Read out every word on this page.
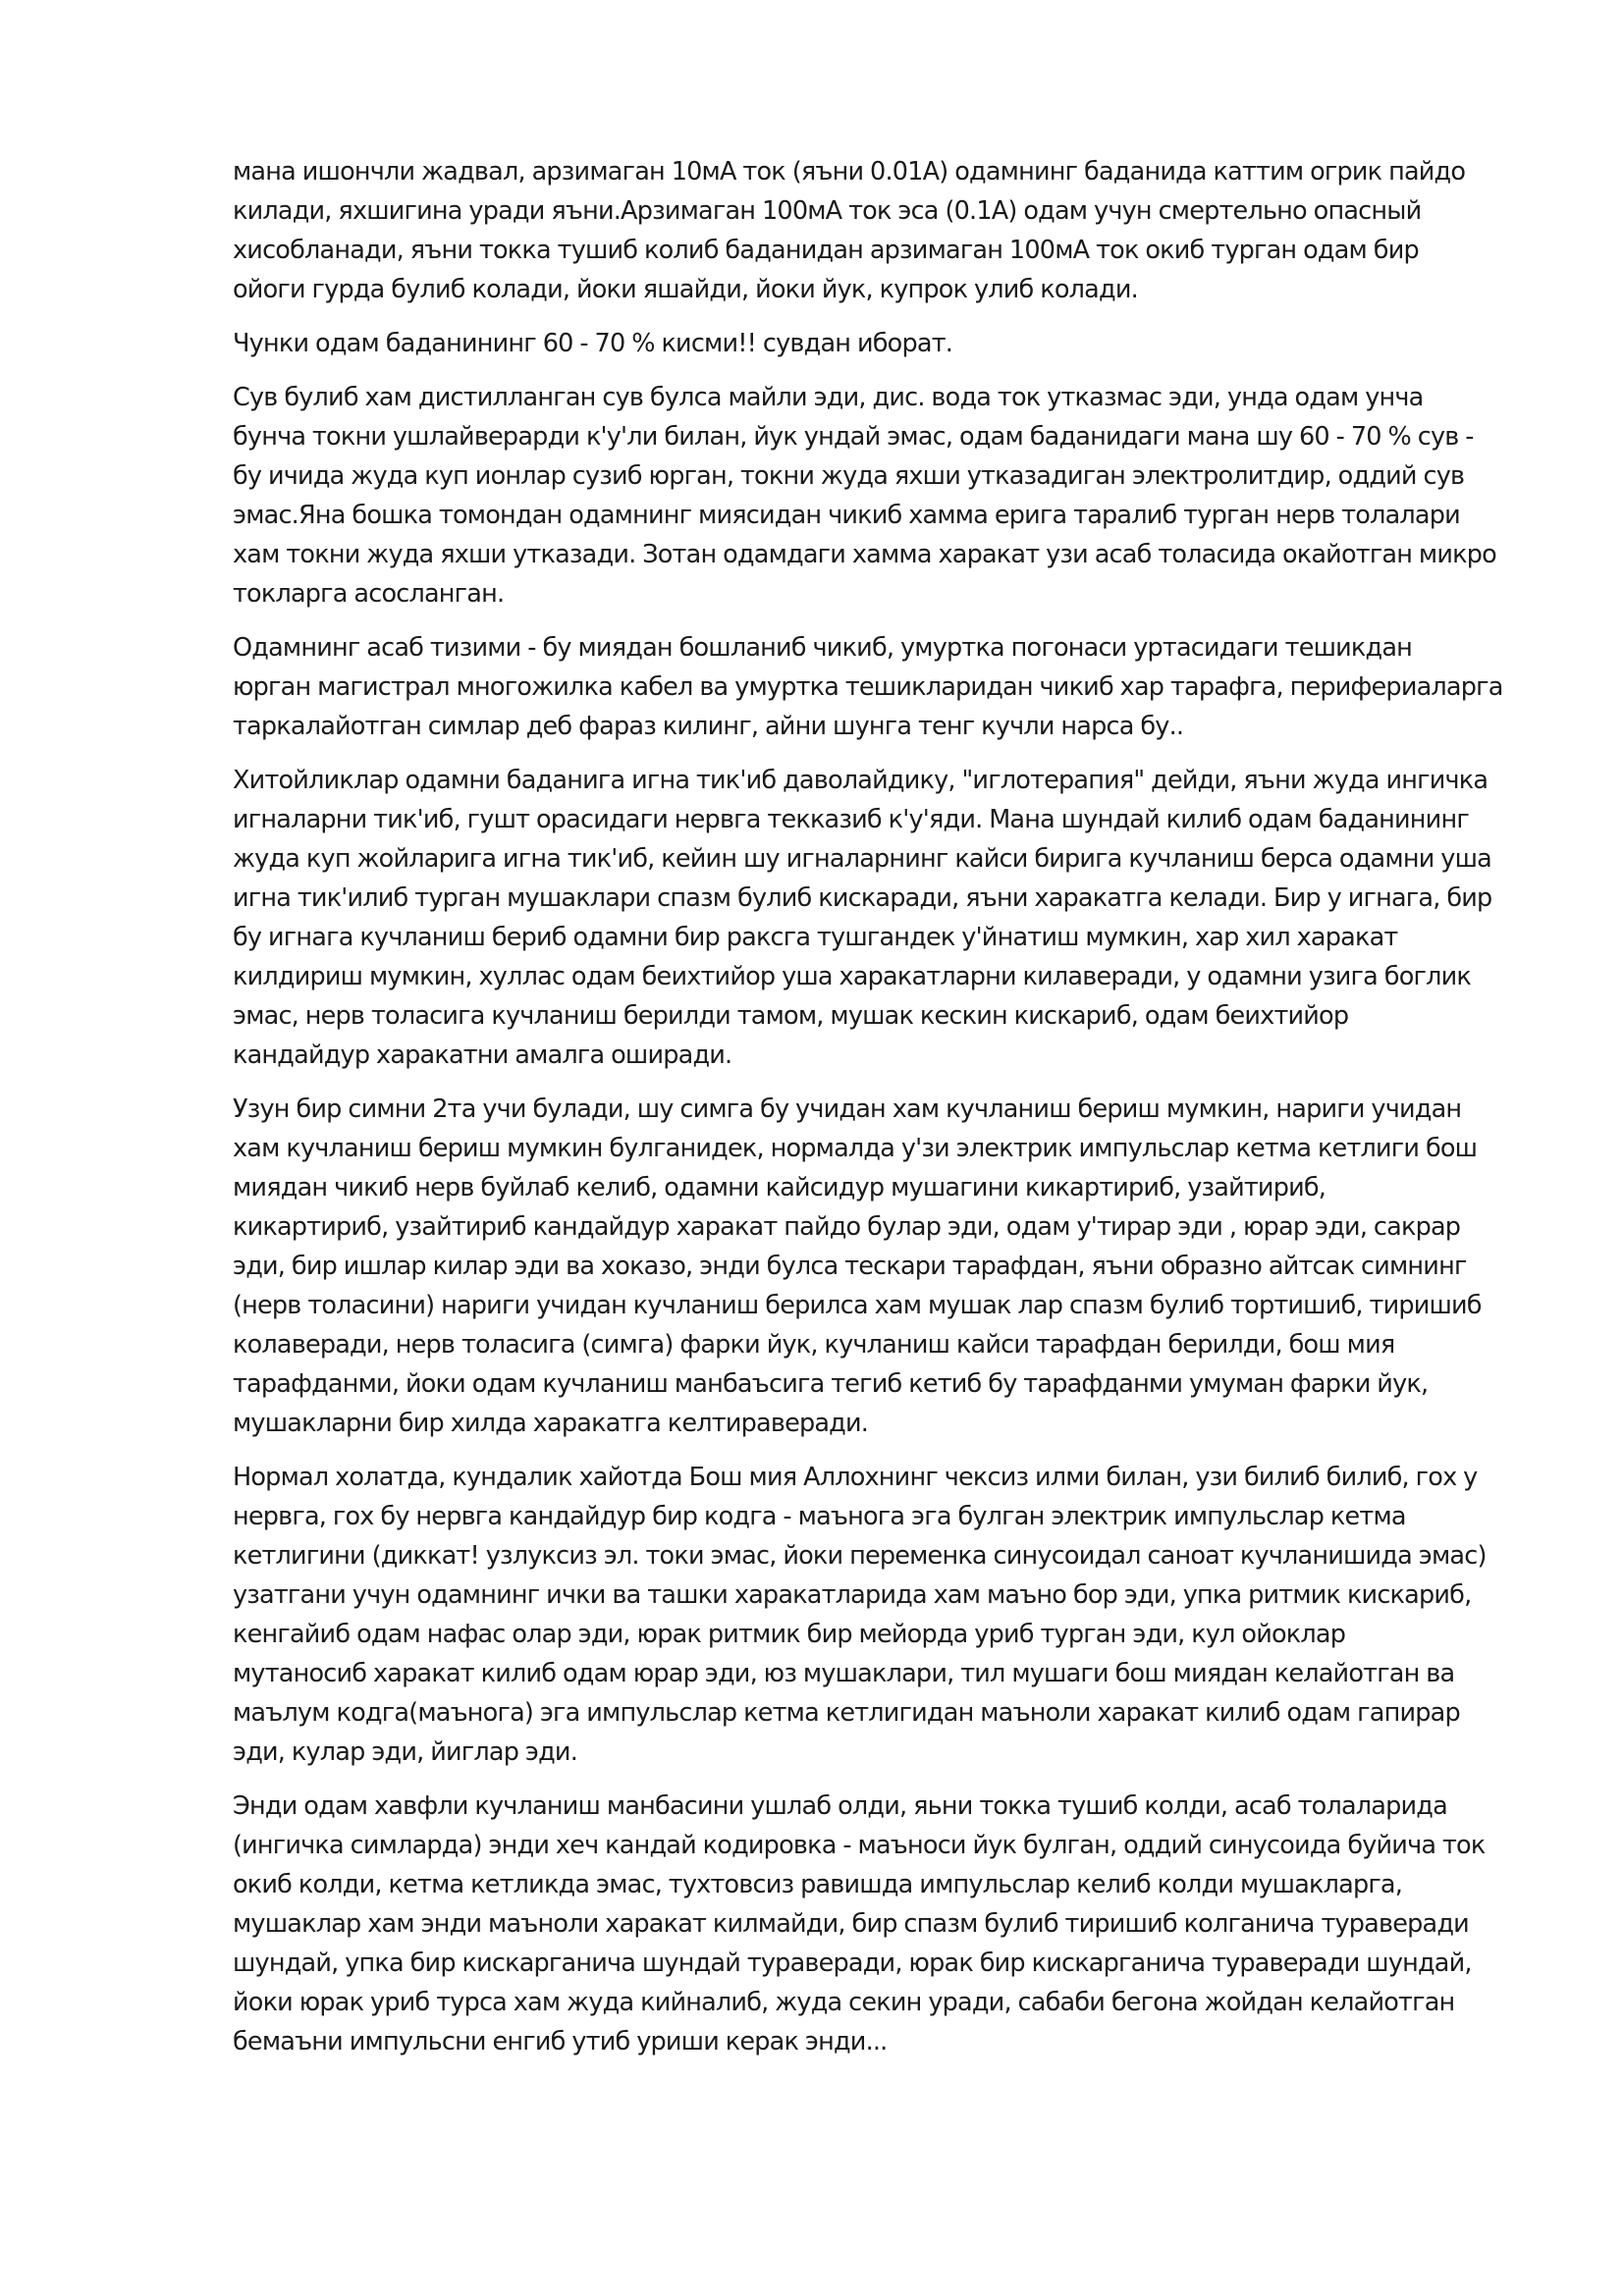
мана ишончли жадвал, арзимаган 10мА ток (яъни 0.01А) одамнинг баданида каттим огрик пайдо
килади, яхшигина уради яъни.Арзимаган 100мА ток эса (0.1А) одам учун смертельно опасный
хисобланади, яъни токка тушиб колиб баданидан арзимаган 100мА ток окиб турган одам бир
ойоги гурда булиб колади, йоки яшайди, йоки йук, купрок улиб колади.

Чунки одам баданининг 60 - 70 % кисми!! сувдан иборат.

Сув булиб хам дистилланган сув булса майли эди, дис. вода ток утказмас эди, унда одам унча
бунча токни ушлайверарди к'у'ли билан, йук ундай эмас, одам баданидаги мана шу 60 - 70 % сув -
бу ичида жуда куп ионлар сузиб юрган, токни жуда яхши утказадиган электролитдир, оддий сув
эмас.Яна бошка томондан одамнинг миясидан чикиб хамма ерига таралиб турган нерв толалари
хам токни жуда яхши утказади. Зотан одамдаги хамма харакат узи асаб толасида окайотган микро
токларга асосланган.

Одамнинг асаб тизими - бу миядан бошланиб чикиб, умуртка погонаси уртасидаги тешикдан
юрган магистрал многожилка кабел ва умуртка тешикларидан чикиб хар тарафга, перифериаларга
таркалайотган симлар деб фараз килинг, айни шунга тенг кучли нарса бу..

Хитойликлар одамни баданига игна тик'иб даволайдику, "иглотерапия" дейди, яъни жуда ингичка
игналарни тик'иб, гушт орасидаги нервга текказиб к'у'яди. Мана шундай килиб одам баданининг
жуда куп жойларига игна тик'иб, кейин шу игналарнинг кайси бирига кучланиш берса одамни уша
игна тик'илиб турган мушаклари спазм булиб кискаради, яъни харакатга келади. Бир у игнага, бир
бу игнага кучланиш бериб одамни бир раксга тушгандек у'йнатиш мумкин, хар хил харакат
килдириш мумкин, хуллас одам беихтийор уша харакатларни килаверади, у одамни узига боглик
эмас, нерв толасига кучланиш берилди тамом, мушак кескин кискариб, одам беихтийор
кандайдур харакатни амалга оширади.

Узун бир симни 2та учи булади, шу симга бу учидан хам кучланиш бериш мумкин, нариги учидан
хам кучланиш бериш мумкин булганидек, нормалда у'зи электрик импульслар кетма кетлиги бош
миядан чикиб нерв буйлаб келиб, одамни кайсидур мушагини кикартириб, узайтириб,
кикартириб, узайтириб кандайдур харакат пайдо булар эди, одам у'тирар эди , юрар эди, сакрар
эди, бир ишлар килар эди ва хоказо, энди булса тескари тарафдан, яъни образно айтсак симнинг
(нерв толасини) нариги учидан кучланиш берилса хам мушак лар спазм булиб тортишиб, тиришиб
колаверади, нерв толасига (симга) фарки йук, кучланиш кайси тарафдан берилди, бош мия
тарафданми, йоки одам кучланиш манбаъсига тегиб кетиб бу тарафданми умуман фарки йук,
мушакларни бир хилда харакатга келтираверади.

Нормал холатда, кундалик хайотда Бош мия Аллохнинг чексиз илми билан, узи билиб билиб, гох у
нервга, гох бу нервга кандайдур бир кодга - маъногa эга булган электрик импульслар кетма
кетлигини (диккат! узлуксиз эл. токи эмас, йоки переменка синусоидал саноат кучланишида эмас)
узатгани учун одамнинг ички ва ташки харакатларида хам маъно бор эди, упка ритмик кискариб,
кенгайиб одам нафас олар эди, юрак ритмик бир мейорда уриб турган эди, кул ойоклар
мутаносиб харакат килиб одам юрар эди, юз мушаклари, тил мушаги бош миядан келайотган ва
маълум кодга(маънога) эга импульслар кетма кетлигидан маъноли харакат килиб одам гапирар
эди, кулар эди, йиглар эди.

Энди одам хавфли кучланиш манбасини ушлаб олди, яьни токка тушиб колди, асаб толаларида
(ингичка симларда) энди хеч кандай кодировка - маъноси йук булган, оддий синусоида буйича ток
окиб колди, кетма кетликда эмас, тухтовсиз равишда импульслар келиб колди мушакларга,
мушаклар хам энди маъноли харакат килмайди, бир спазм булиб тиришиб колганича тураверади
шундай, упка бир кискарганича шундай тураверади, юрак бир кискарганича тураверади шундай,
йоки юрак уриб турса хам жуда кийналиб, жуда секин уради, сабаби бегона жойдан келайотган
бемаъни импульсни енгиб утиб уриши керак энди...
